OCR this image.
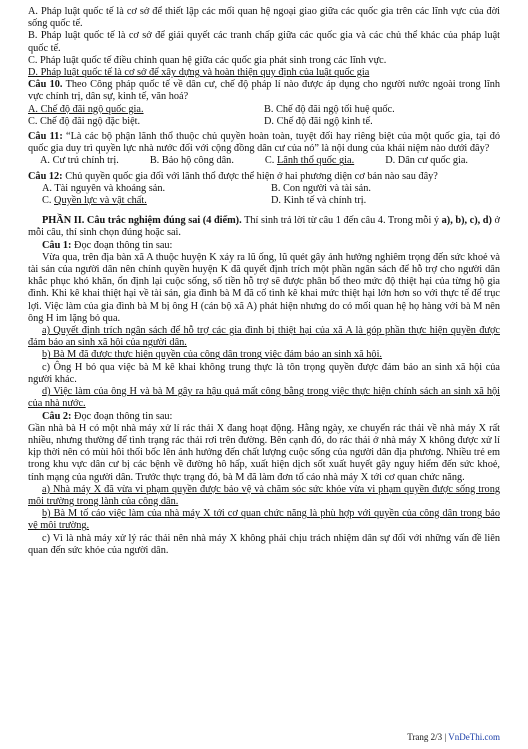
A. Pháp luật quốc tế là cơ sở để thiết lập các mối quan hệ ngoại giao giữa các quốc gia trên các lĩnh vực của đời sống quốc tế.

B. Pháp luật quốc tế là cơ sở để giải quyết các tranh chấp giữa các quốc gia và các chủ thể khác của pháp luật quốc tế.

C. Pháp luật quốc tế điều chỉnh quan hệ giữa các quốc gia phát sinh trong các lĩnh vực.

D. Pháp luật quốc tế là cơ sở để xây dựng và hoàn thiện quy định của luật quốc gia

Câu 10. Theo Công pháp quốc tế về dân cư, chế độ pháp lí nào được áp dụng cho người nước ngoài trong lĩnh vực chính trị, dân sự, kinh tế, văn hoá?

A. Chế độ đãi ngộ quốc gia.	B. Chế độ đãi ngộ tối huệ quốc.
C. Chế độ đãi ngộ đặc biệt.	D. Chế độ đãi ngộ kinh tế.

Câu 11: “Là các bộ phận lãnh thổ thuộc chủ quyền hoàn toàn, tuyệt đối hay riêng biệt của một quốc gia, tại đó quốc gia duy trì quyền lực nhà nước đối với cộng đồng dân cư của nó” là nội dung của khái niệm nào dưới đây?

A. Cư trú chính trị.	B. Bảo hộ công dân.	C. Lãnh thổ quốc gia.	D. Dân cư quốc gia.

Câu 12: Chủ quyền quốc gia đối với lãnh thổ được thể hiện ở hai phương diện cơ bản nào sau đây?

A. Tài nguyên và khoáng sản.	B. Con người và tài sản.
C. Quyền lực và vật chất.	D. Kinh tế và chính trị.

PHẦN II. Câu trắc nghiệm đúng sai (4 điểm). Thí sinh trả lời từ câu 1 đến câu 4. Trong mỗi ý a), b), c), d) ở mỗi câu, thí sinh chọn đúng hoặc sai.

Câu 1: Đọc đoạn thông tin sau:

Vừa qua, trên địa bàn xã A thuộc huyện K xảy ra lũ ống, lũ quét gây ảnh hưởng nghiêm trọng đến sức khoẻ và tài sản của người dân nên chính quyền huyện K đã quyết định trích một phần ngân sách để hỗ trợ cho người dân khắc phục khó khăn, ổn định lại cuộc sống, số tiền hỗ trợ sẽ được phân bổ theo mức độ thiệt hại của từng hộ gia đình. Khi kê khai thiệt hại về tài sản, gia đình bà M đã cố tình kê khai mức thiệt hại lớn hơn so với thực tế để trục lợi. Việc làm của gia đình bà M bị ông H (cán bộ xã A) phát hiện nhưng do có mối quan hệ họ hàng với bà M nên ông H im lặng bỏ qua.

a) Quyết định trích ngân sách để hỗ trợ các gia đình bị thiệt hại của xã A là góp phần thực hiện quyền được đảm bảo an sinh xã hội của người dân.

b) Bà M đã được thực hiện quyền của công dân trong việc đảm bảo an sinh xã hội.

c) Ông H bỏ qua việc bà M kê khai không trung thực là tôn trọng quyền được đảm bảo an sinh xã hội của người khác.

d) Việc làm của ông H và bà M gây ra hậu quả mất công bằng trong việc thực hiện chính sách an sinh xã hội của nhà nước.

Câu 2: Đọc đoạn thông tin sau:

Gần nhà bà H có một nhà máy xử lí rác thải X đang hoạt động. Hằng ngày, xe chuyển rác thải về nhà máy X rất nhiều, nhưng thường để tình trạng rác thải rơi trên đường. Bên cạnh đó, do rác thải ở nhà máy X không được xử lí kịp thời nên có mùi hôi thối bốc lên ảnh hưởng đến chất lượng cuộc sống của người dân địa phương. Nhiều trẻ em trong khu vực dân cư bị các bệnh về đường hô hấp, xuất hiện dịch sốt xuất huyết gây nguy hiểm đến sức khoẻ, tính mạng của người dân. Trước thực trạng đó, bà M đã làm đơn tố cáo nhà máy X tới cơ quan chức năng.

a) Nhà máy X đã vừa vi phạm quyền được bảo vệ và chăm sóc sức khỏe vừa vi phạm quyền được sống trong môi trường trong lành của công dân.

b) Bà M tố cáo việc làm của nhà máy X tới cơ quan chức năng là phù hợp với quyền của công dân trong bảo vệ môi trường.

c) Vì là nhà máy xử lý rác thải nên nhà máy X không phải chịu trách nhiệm dân sự đối với những vấn đề liên quan đến sức khỏe của người dân.

Trang 2/3 | VnDeThi.com
